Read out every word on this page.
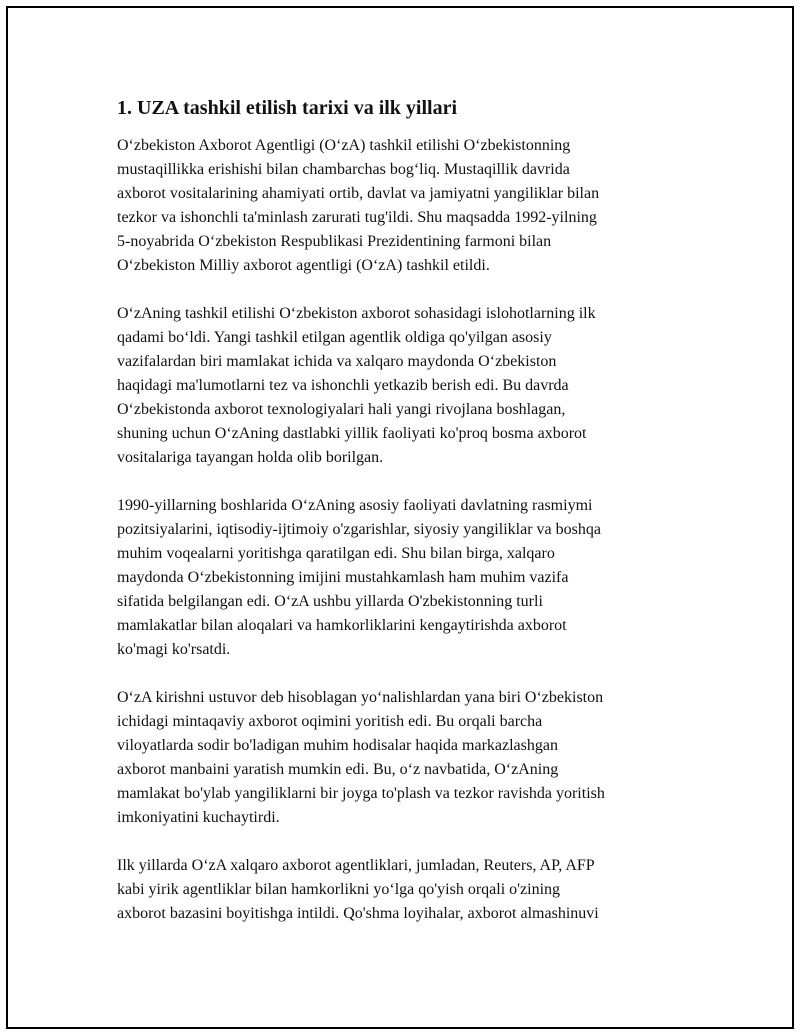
1. UZA tashkil etilish tarixi va ilk yillari

O‘zbekiston Axborot Agentligi (O‘zA) tashkil etilishi O‘zbekistonning
mustaqillikka erishishi bilan chambarchas bog‘liq. Mustaqillik davrida
axborot vositalarining ahamiyati ortib, davlat va jamiyatni yangiliklar bilan
tezkor va ishonchli ta'minlash zarurati tug'ildi. Shu maqsadda 1992-yilning
5-noyabrida O‘zbekiston Respublikasi Prezidentining farmoni bilan
O‘zbekiston Milliy axborot agentligi (O‘zA) tashkil etildi.

O‘zAning tashkil etilishi O‘zbekiston axborot sohasidagi islohotlarning ilk
qadami bo‘ldi. Yangi tashkil etilgan agentlik oldiga qo'yilgan asosiy
vazifalardan biri mamlakat ichida va xalqaro maydonda O‘zbekiston
haqidagi ma'lumotlarni tez va ishonchli yetkazib berish edi. Bu davrda
O‘zbekistonda axborot texnologiyalari hali yangi rivojlana boshlagan,
shuning uchun O‘zAning dastlabki yillik faoliyati ko'proq bosma axborot
vositalariga tayangan holda olib borilgan.

1990-yillarning boshlarida O‘zAning asosiy faoliyati davlatning rasmiymi
pozitsiyalarini, iqtisodiy-ijtimoiy o'zgarishlar, siyosiy yangiliklar va boshqa
muhim voqealarni yoritishga qaratilgan edi. Shu bilan birga, xalqaro
maydonda O‘zbekistonning imijini mustahkamlash ham muhim vazifa
sifatida belgilangan edi. O‘zA ushbu yillarda O'zbekistonning turli
mamlakatlar bilan aloqalari va hamkorliklarini kengaytirishda axborot
ko'magi ko'rsatdi.

O‘zA kirishni ustuvor deb hisoblagan yo‘nalishlardan yana biri O‘zbekiston
ichidagi mintaqaviy axborot oqimini yoritish edi. Bu orqali barcha
viloyatlarda sodir bo'ladigan muhim hodisalar haqida markazlashgan
axborot manbaini yaratish mumkin edi. Bu, o‘z navbatida, O‘zAning
mamlakat bo'ylab yangiliklarni bir joyga to'plash va tezkor ravishda yoritish
imkoniyatini kuchaytirdi.

Ilk yillarda O‘zA xalqaro axborot agentliklari, jumladan, Reuters, AP, AFP
kabi yirik agentliklar bilan hamkorlikni yo‘lga qo'yish orqali o'zining
axborot bazasini boyitishga intildi. Qo'shma loyihalar, axborot almashinuvi
